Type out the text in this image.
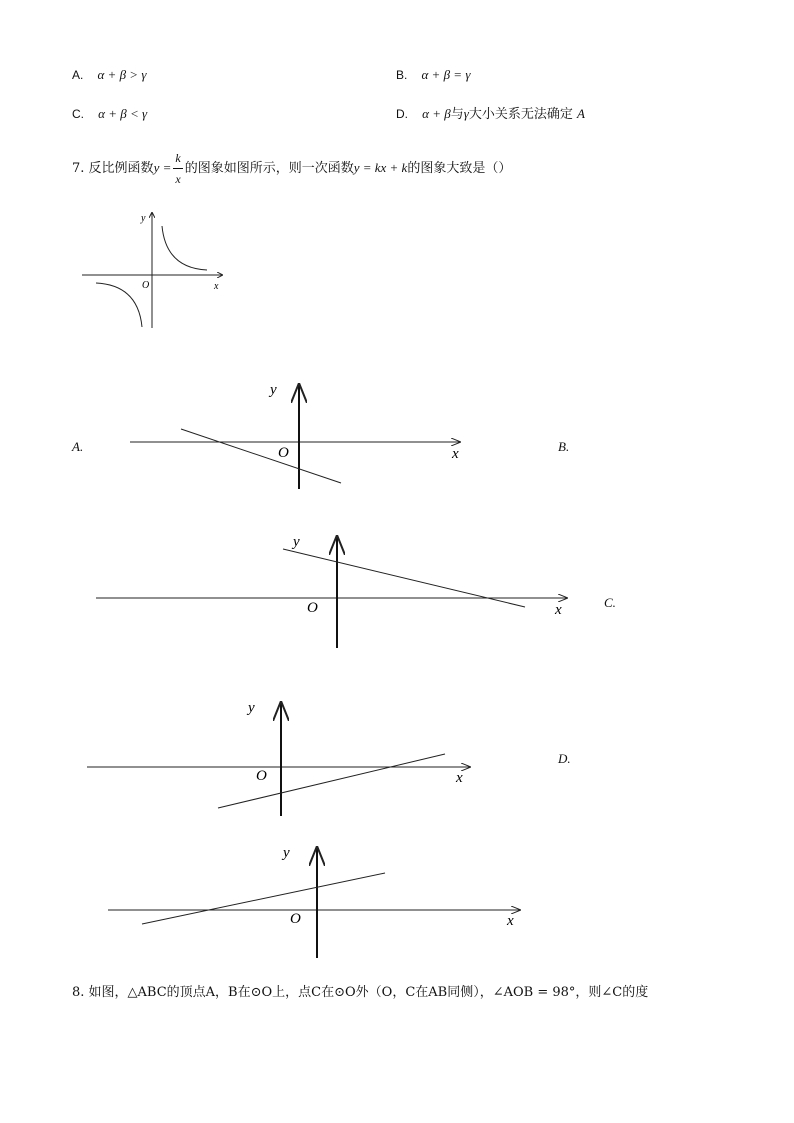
A. α + β > γ	B. α + β = γ
C. α + β < γ	D. α + β与γ大小关系无法确定 A
7. 反比例函数$y = \frac{k}{x}$ 的图象如图所示，则一次函数y = kx + k的图象大致是（）
y
x
O
A.	B.
C.
D.
y
x
O
y
x
O
y
x
O
y
x
O
8. 如图，△ABC的顶点A，B在⊙O上，点C在⊙O外（O，C在AB同侧），∠AOB = 98°，则∠C的度
